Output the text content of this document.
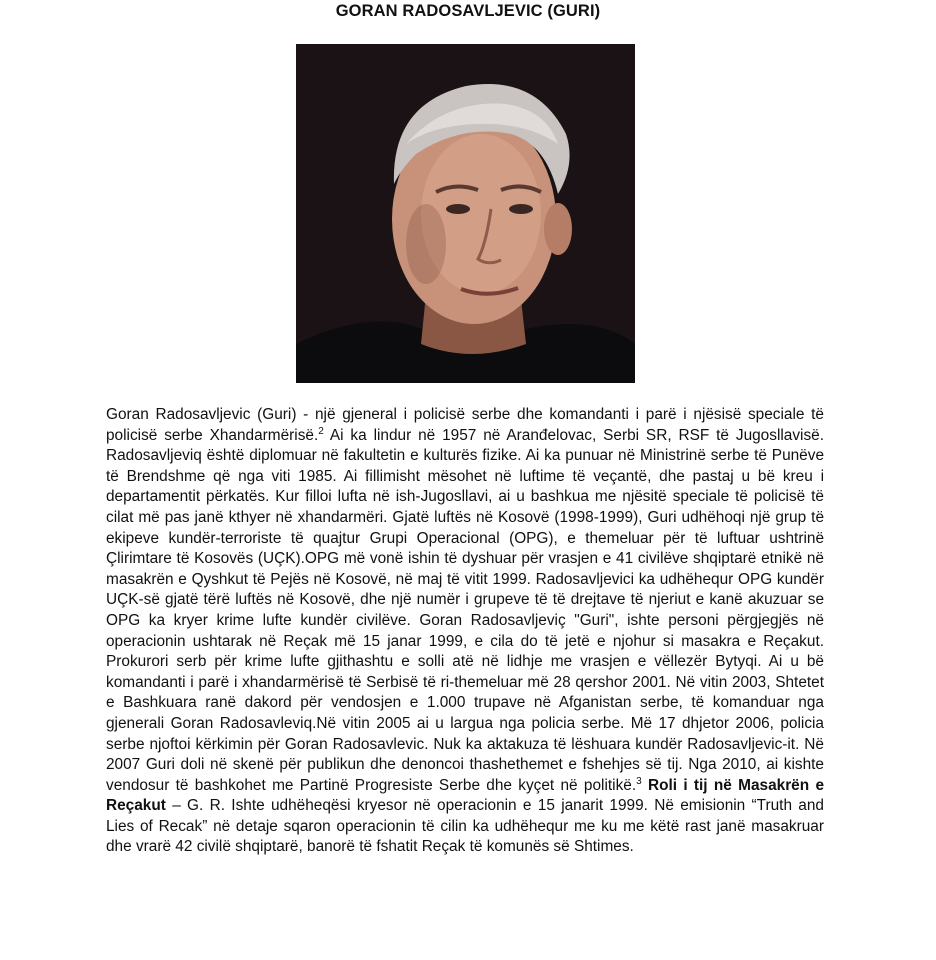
GORAN RADOSAVLJEVIC (GURI)

Goran Radosavljevic (Guri) - një gjeneral i policisë serbe dhe komandanti i parë i njësisë speciale të policisë serbe Xhandarmërisë.$^2$ Ai ka lindur në 1957 në Aranđelovac, Serbi SR, RSF të Jugosllavisë. Radosavljeviq është diplomuar në fakultetin e kulturës fizike. Ai ka punuar në Ministrinë serbe të Punëve të Brendshme që nga viti 1985. Ai fillimisht mësohet në luftime të veçantë, dhe pastaj u bë kreu i departamentit përkatës. Kur filloi lufta në ish-Jugosllavi, ai u bashkua me njësitë speciale të policisë të cilat më pas janë kthyer në xhandarmëri. Gjatë luftës në Kosovë (1998-1999), Guri udhëhoqi një grup të ekipeve kundër-terroriste të quajtur Grupi Operacional (OPG), e themeluar për të luftuar ushtrinë Çlirimtare të Kosovës (UÇK).OPG më vonë ishin të dyshuar për vrasjen e 41 civilëve shqiptarë etnikë në masakrën e Qyshkut të Pejës në Kosovë, në maj të vitit 1999. Radosavljevici ka udhëhequr OPG kundër UÇK-së gjatë tërë luftës në Kosovë, dhe një numër i grupeve të të drejtave të njeriut e kanë akuzuar se OPG ka kryer krime lufte kundër civilëve. Goran Radosavljeviç "Guri", ishte personi përgjegjës në operacionin ushtarak në Reçak më 15 janar 1999, e cila do të jetë e njohur si masakra e Reçakut. Prokurori serb për krime lufte gjithashtu e solli atë në lidhje me vrasjen e vëllezër Bytyqi. Ai u bë komandanti i parë i xhandarmërisë të Serbisë të ri-themeluar më 28 qershor 2001. Në vitin 2003, Shtetet e Bashkuara ranë dakord për vendosjen e 1.000 trupave në Afganistan serbe, të komanduar nga gjenerali Goran Radosavleviq.Në vitin 2005 ai u largua nga policia serbe. Më 17 dhjetor 2006, policia serbe njoftoi kërkimin për Goran Radosavlevic. Nuk ka aktakuza të lëshuara kundër Radosavljevic-it. Në 2007 Guri doli në skenë për publikun dhe denoncoi thashethemet e fshehjes së tij. Nga 2010, ai kishte vendosur të bashkohet me Partinë Progresiste Serbe dhe kyçet në politikë.$^3$ Roli i tij në Masakrën e Reçakut – G. R. Ishte udhëheqësi kryesor në operacionin e 15 janarit 1999. Në emisionin “Truth and Lies of Recak” në detaje sqaron operacionin të cilin ka udhëhequr me ku me këtë rast janë masakruar dhe vrarë 42 civilë shqiptarë, banorë të fshatit Reçak të komunës së Shtimes.
